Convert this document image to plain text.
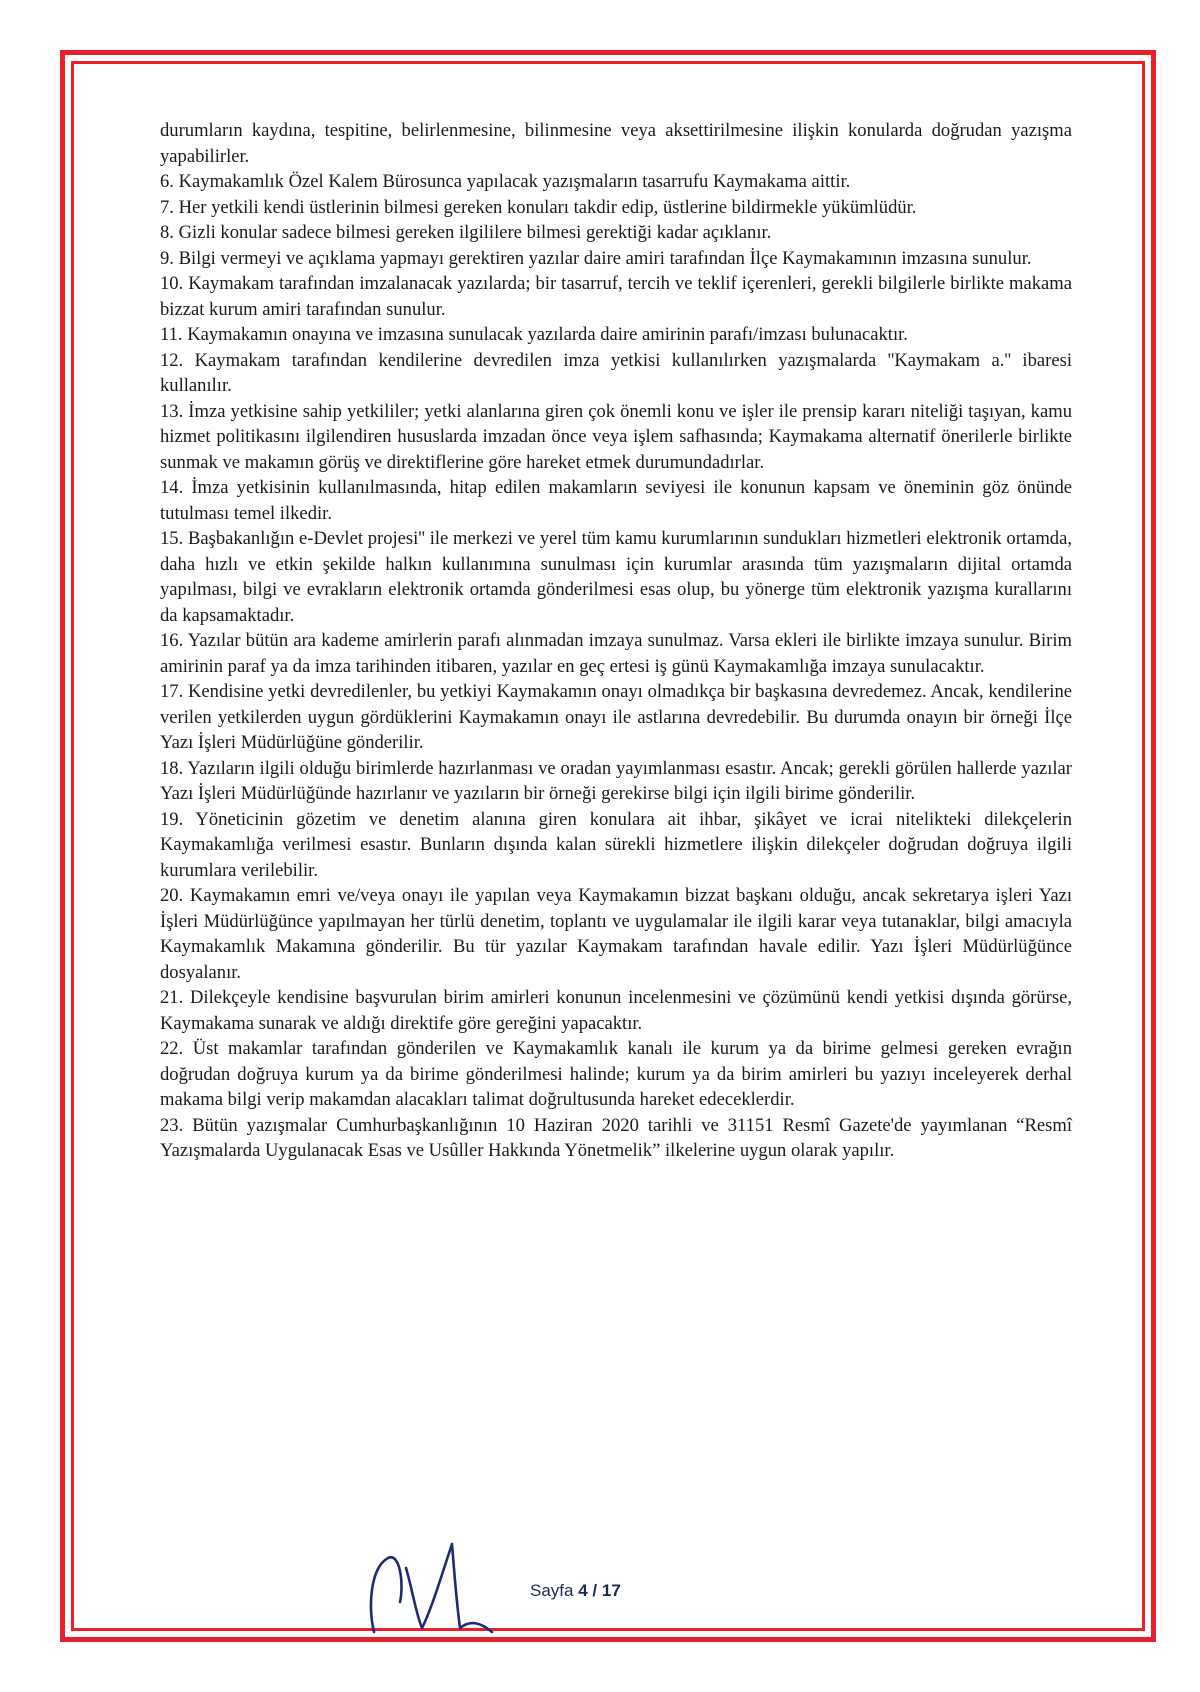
durumların kaydına, tespitine, belirlenmesine, bilinmesine veya aksettirilmesine ilişkin konularda doğrudan yazışma yapabilirler.

6. Kaymakamlık Özel Kalem Bürosunca yapılacak yazışmaların tasarrufu Kaymakama aittir.

7. Her yetkili kendi üstlerinin bilmesi gereken konuları takdir edip, üstlerine bildirmekle yükümlüdür.

8. Gizli konular sadece bilmesi gereken ilgililere bilmesi gerektiği kadar açıklanır.

9. Bilgi vermeyi ve açıklama yapmayı gerektiren yazılar daire amiri tarafından İlçe Kaymakamının imzasına sunulur.

10. Kaymakam tarafından imzalanacak yazılarda; bir tasarruf, tercih ve teklif içerenleri, gerekli bilgilerle birlikte makama bizzat kurum amiri tarafından sunulur.

11. Kaymakamın onayına ve imzasına sunulacak yazılarda daire amirinin parafı/imzası bulunacaktır.

12. Kaymakam tarafından kendilerine devredilen imza yetkisi kullanılırken yazışmalarda ''Kaymakam a.'' ibaresi kullanılır.

13. İmza yetkisine sahip yetkililer; yetki alanlarına giren çok önemli konu ve işler ile prensip kararı niteliği taşıyan, kamu hizmet politikasını ilgilendiren hususlarda imzadan önce veya işlem safhasında; Kaymakama alternatif önerilerle birlikte sunmak ve makamın görüş ve direktiflerine göre hareket etmek durumundadırlar.

14. İmza yetkisinin kullanılmasında, hitap edilen makamların seviyesi ile konunun kapsam ve öneminin göz önünde tutulması temel ilkedir.

15. Başbakanlığın e-Devlet projesi'' ile merkezi ve yerel tüm kamu kurumlarının sundukları hizmetleri elektronik ortamda, daha hızlı ve etkin şekilde halkın kullanımına sunulması için kurumlar arasında tüm yazışmaların dijital ortamda yapılması, bilgi ve evrakların elektronik ortamda gönderilmesi esas olup, bu yönerge tüm elektronik yazışma kurallarını da kapsamaktadır.

16. Yazılar bütün ara kademe amirlerin parafı alınmadan imzaya sunulmaz. Varsa ekleri ile birlikte imzaya sunulur. Birim amirinin paraf ya da imza tarihinden itibaren, yazılar en geç ertesi iş günü Kaymakamlığa imzaya sunulacaktır.

17. Kendisine yetki devredilenler, bu yetkiyi Kaymakamın onayı olmadıkça bir başkasına devredemez. Ancak, kendilerine verilen yetkilerden uygun gördüklerini Kaymakamın onayı ile astlarına devredebilir. Bu durumda onayın bir örneği İlçe Yazı İşleri Müdürlüğüne gönderilir.

18. Yazıların ilgili olduğu birimlerde hazırlanması ve oradan yayımlanması esastır. Ancak; gerekli görülen hallerde yazılar Yazı İşleri Müdürlüğünde hazırlanır ve yazıların bir örneği gerekirse bilgi için ilgili birime gönderilir.

19. Yöneticinin gözetim ve denetim alanına giren konulara ait ihbar, şikâyet ve icrai nitelikteki dilekçelerin Kaymakamlığa verilmesi esastır. Bunların dışında kalan sürekli hizmetlere ilişkin dilekçeler doğrudan doğruya ilgili kurumlara verilebilir.

20. Kaymakamın emri ve/veya onayı ile yapılan veya Kaymakamın bizzat başkanı olduğu, ancak sekretarya işleri Yazı İşleri Müdürlüğünce yapılmayan her türlü denetim, toplantı ve uygulamalar ile ilgili karar veya tutanaklar, bilgi amacıyla Kaymakamlık Makamına gönderilir. Bu tür yazılar Kaymakam tarafından havale edilir. Yazı İşleri Müdürlüğünce dosyalanır.

21. Dilekçeyle kendisine başvurulan birim amirleri konunun incelenmesini ve çözümünü kendi yetkisi dışında görürse, Kaymakama sunarak ve aldığı direktife göre gereğini yapacaktır.

22. Üst makamlar tarafından gönderilen ve Kaymakamlık kanalı ile kurum ya da birime gelmesi gereken evrağın doğrudan doğruya kurum ya da birime gönderilmesi halinde; kurum ya da birim amirleri bu yazıyı inceleyerek derhal makama bilgi verip makamdan alacakları talimat doğrultusunda hareket edeceklerdir.

23. Bütün yazışmalar Cumhurbaşkanlığının 10 Haziran 2020 tarihli ve 31151 Resmî Gazete'de yayımlanan “Resmî Yazışmalarda Uygulanacak Esas ve Usûller Hakkında Yönetmelik” ilkelerine uygun olarak yapılır.

Sayfa 4 / 17
